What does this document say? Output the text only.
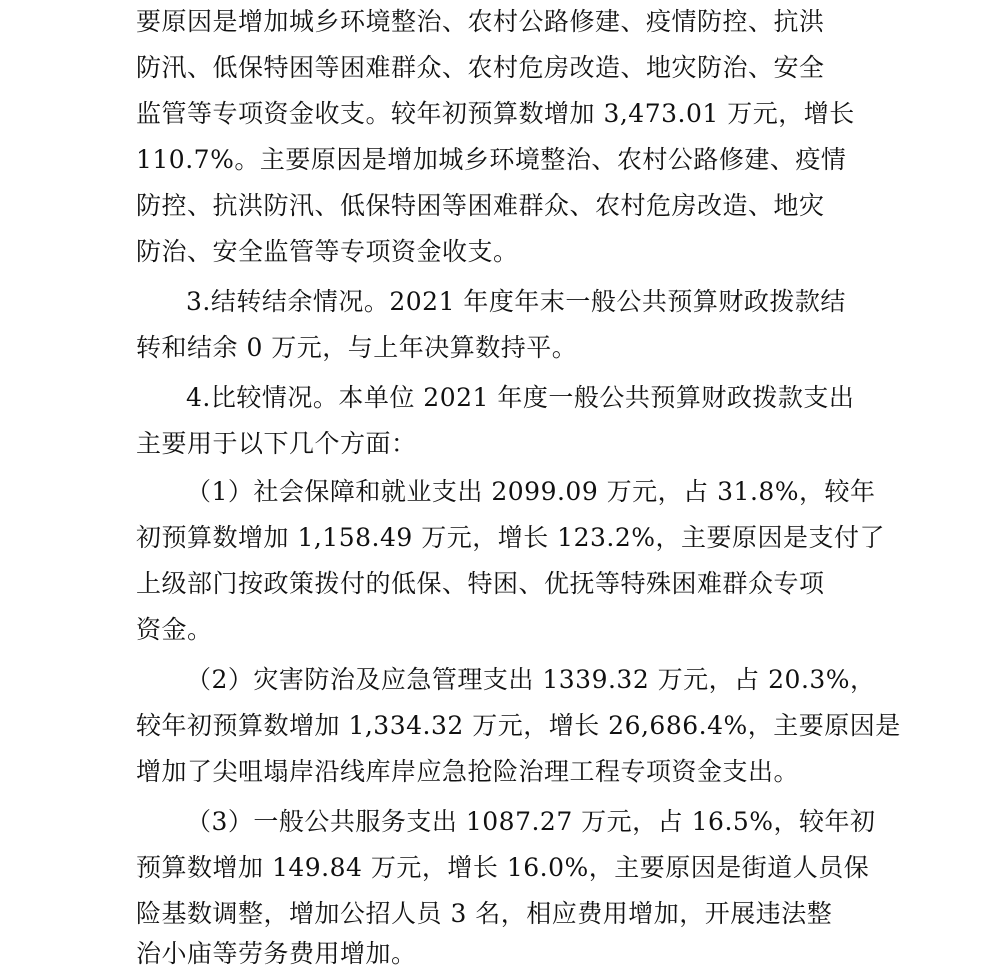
要原因是增加城乡环境整治、农村公路修建、疫情防控、抗洪
防汛、低保特困等困难群众、农村危房改造、地灾防治、安全
监管等专项资金收支。较年初预算数增加 3,473.01 万元，增长
110.7%。主要原因是增加城乡环境整治、农村公路修建、疫情
防控、抗洪防汛、低保特困等困难群众、农村危房改造、地灾
防治、安全监管等专项资金收支。
3.结转结余情况。2021 年度年末一般公共预算财政拨款结
转和结余 0 万元，与上年决算数持平。
4.比较情况。本单位 2021 年度一般公共预算财政拨款支出
主要用于以下几个方面：
（1）社会保障和就业支出 2099.09 万元，占 31.8%，较年
初预算数增加 1,158.49 万元，增长 123.2%，主要原因是支付了
上级部门按政策拨付的低保、特困、优抚等特殊困难群众专项
资金。
（2）灾害防治及应急管理支出 1339.32 万元，占 20.3%，
较年初预算数增加 1,334.32 万元，增长 26,686.4%，主要原因是
增加了尖咀塌岸沿线库岸应急抢险治理工程专项资金支出。
（3）一般公共服务支出 1087.27 万元，占 16.5%，较年初
预算数增加 149.84 万元，增长 16.0%，主要原因是街道人员保
险基数调整，增加公招人员 3 名，相应费用增加，开展违法整
治小庙等劳务费用增加。
